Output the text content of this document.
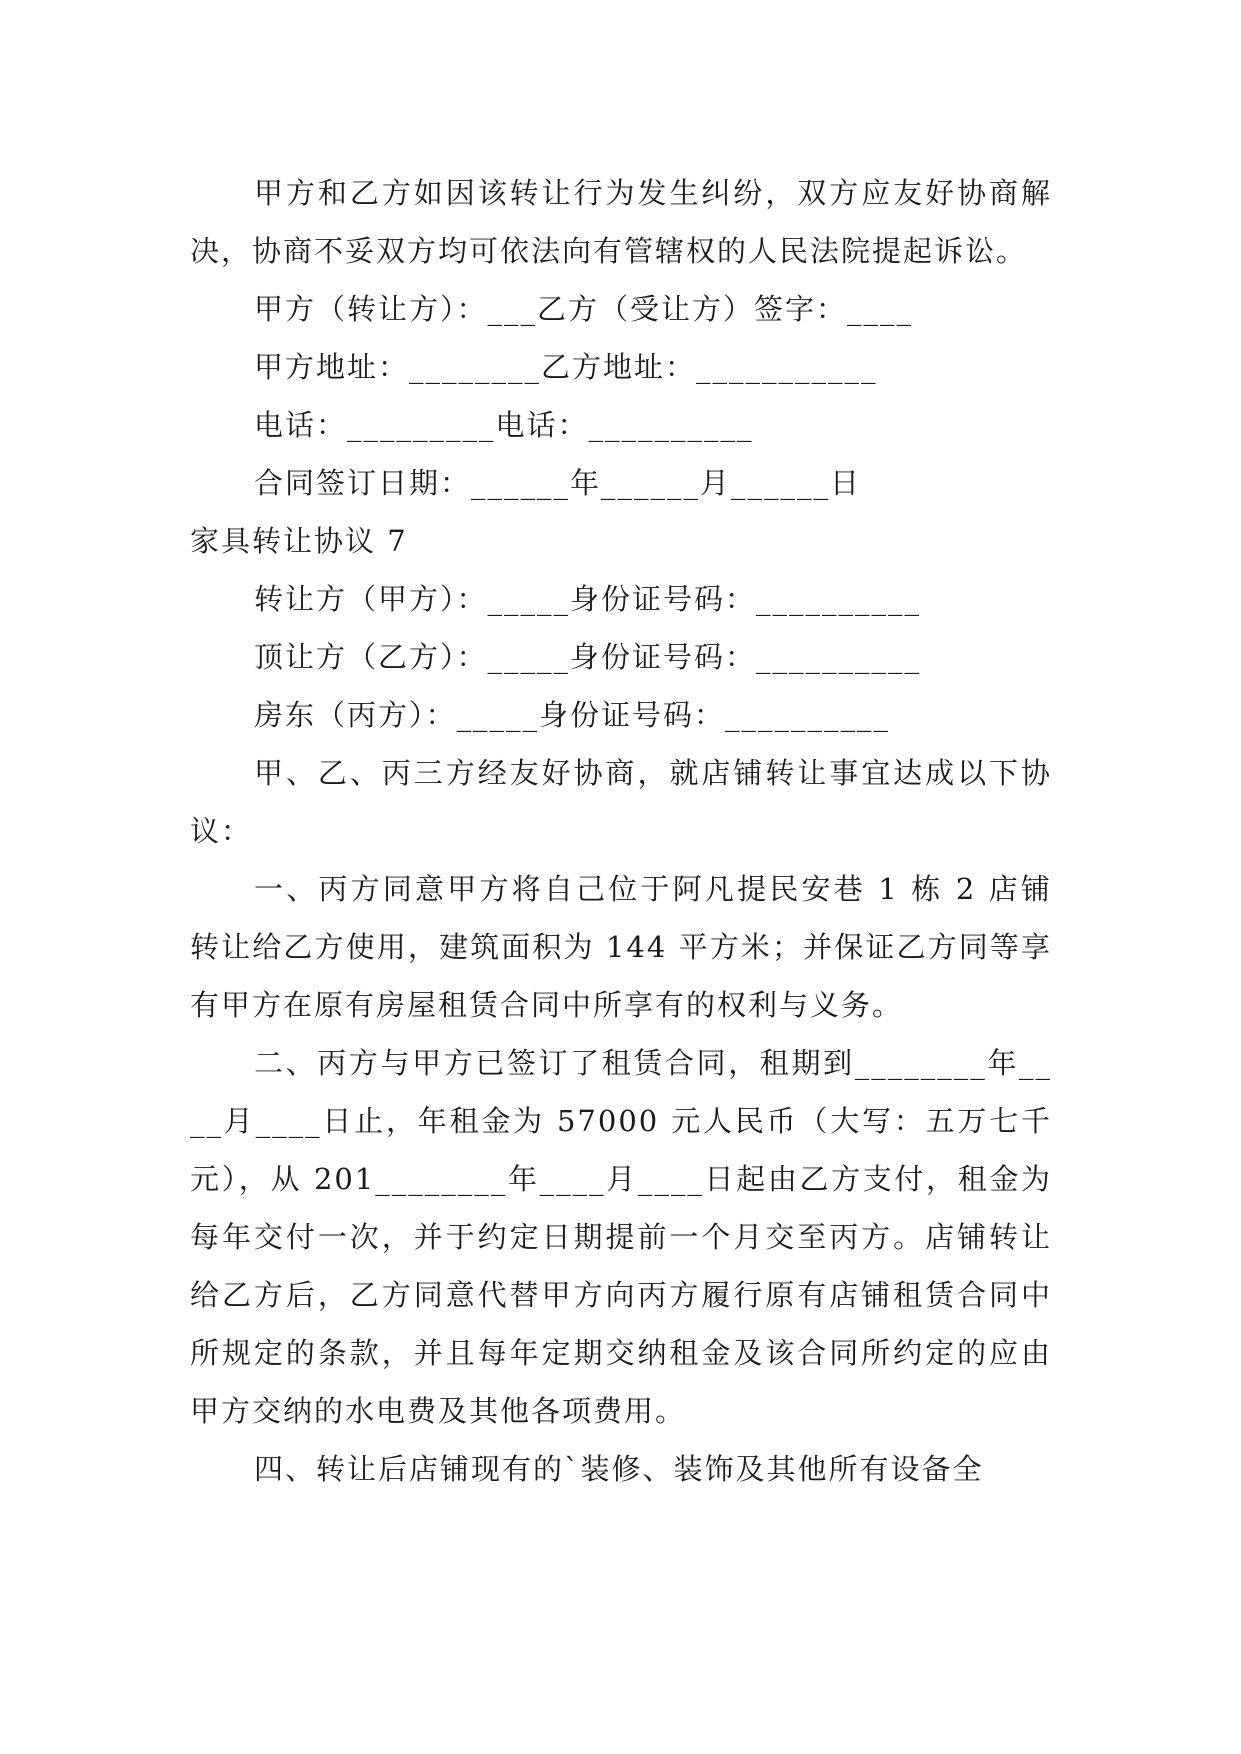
甲方和乙方如因该转让行为发生纠纷，双方应友好协商解决，协商不妥双方均可依法向有管辖权的人民法院提起诉讼。

甲方（转让方）：___乙方（受让方）签字：____

甲方地址：________乙方地址：___________

电话：_________电话：__________

合同签订日期：______年______月______日

家具转让协议 7

转让方（甲方）：_____身份证号码：__________

顶让方（乙方）：_____身份证号码：__________

房东（丙方）：_____身份证号码：__________

甲、乙、丙三方经友好协商，就店铺转让事宜达成以下协议：

一、丙方同意甲方将自己位于阿凡提民安巷 1 栋 2 店铺转让给乙方使用，建筑面积为 144 平方米；并保证乙方同等享有甲方在原有房屋租赁合同中所享有的权利与义务。

二、丙方与甲方已签订了租赁合同，租期到________年____月____日止，年租金为 57000 元人民币（大写：五万七千元），从 201________年____月____日起由乙方支付，租金为每年交付一次，并于约定日期提前一个月交至丙方。店铺转让给乙方后，乙方同意代替甲方向丙方履行原有店铺租赁合同中所规定的条款，并且每年定期交纳租金及该合同所约定的应由甲方交纳的水电费及其他各项费用。

四、转让后店铺现有的`装修、装饰及其他所有设备全
